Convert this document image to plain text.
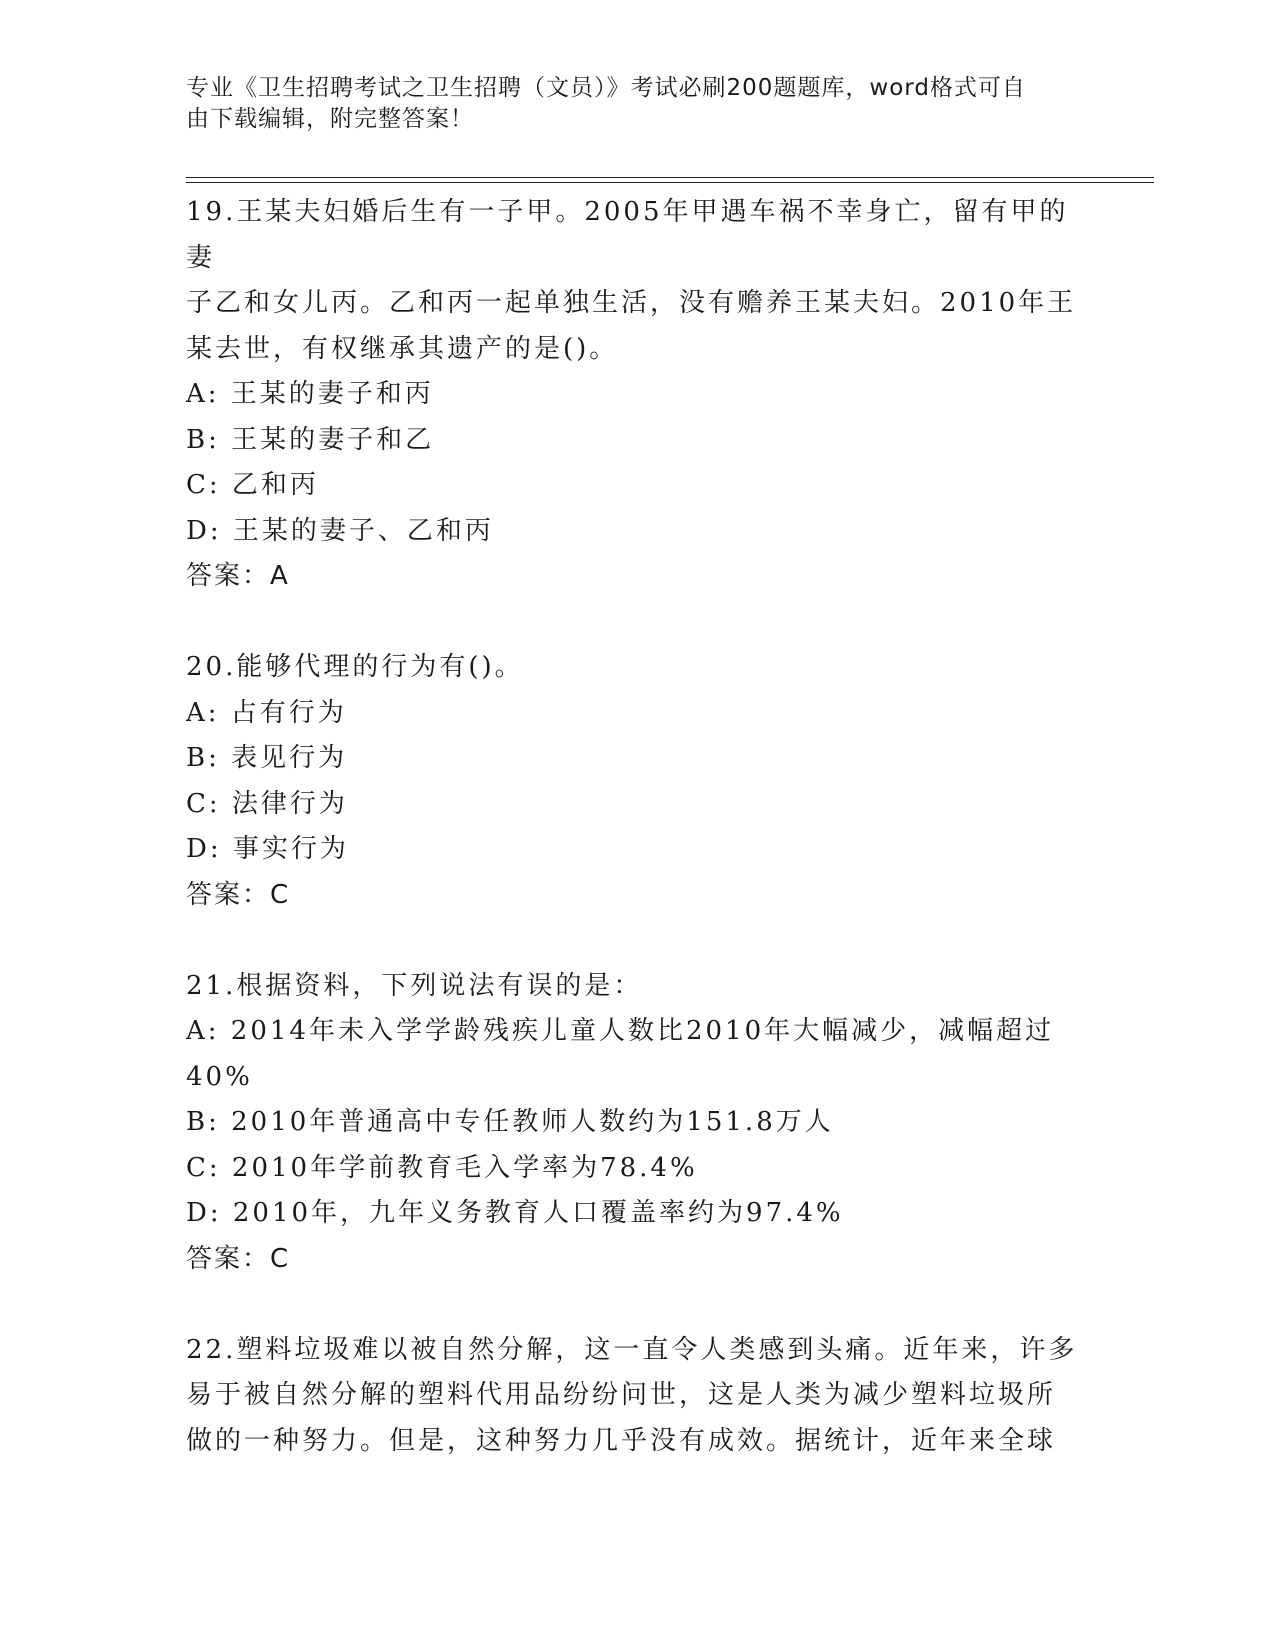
专业《卫生招聘考试之卫生招聘（文员）》考试必刷200题题库，word格式可自
由下载编辑，附完整答案！
19.王某夫妇婚后生有一子甲。2005年甲遇车祸不幸身亡，留有甲的妻
子乙和女儿丙。乙和丙一起单独生活，没有赡养王某夫妇。2010年王
某去世，有权继承其遗产的是()。
A: 王某的妻子和丙
B: 王某的妻子和乙
C: 乙和丙
D: 王某的妻子、乙和丙
答案：A
20.能够代理的行为有()。
A: 占有行为
B: 表见行为
C: 法律行为
D: 事实行为
答案：C
21.根据资料，下列说法有误的是：
A: 2014年未入学学龄残疾儿童人数比2010年大幅减少，减幅超过
40%
B: 2010年普通高中专任教师人数约为151.8万人
C: 2010年学前教育毛入学率为78.4%
D: 2010年，九年义务教育人口覆盖率约为97.4%
答案：C
22.塑料垃圾难以被自然分解，这一直令人类感到头痛。近年来，许多
易于被自然分解的塑料代用品纷纷问世，这是人类为减少塑料垃圾所
做的一种努力。但是，这种努力几乎没有成效。据统计，近年来全球
